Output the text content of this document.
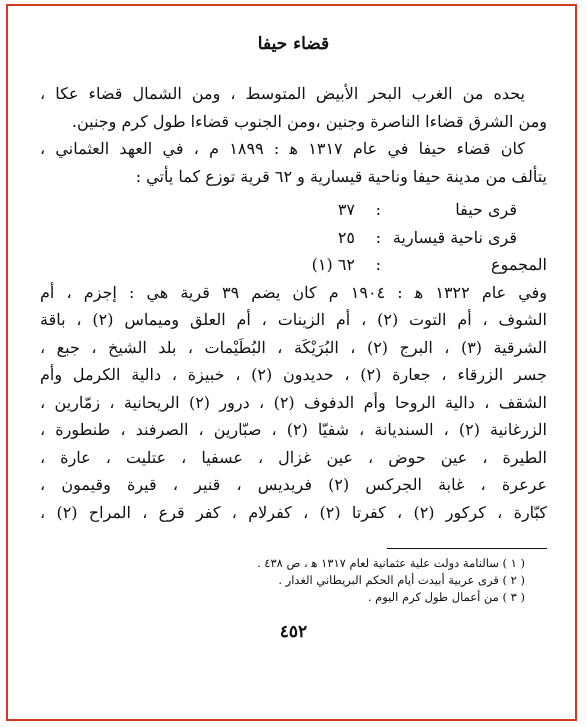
قضاء حيفا
يحده من الغرب البحر الأبيض المتوسط ، ومن الشمال قضاء عكا ،
ومن الشرق قضاءا الناصرة وجنين ،ومن الجنوب قضاءا طول كرم وجنين.
كان قضاء حيفا في عام ١٣١٧ ﻫ : ١٨٩٩ م ، في العهد العثماني ،
يتألف من مدينة حيفا وناحية قيسارية و ٦٢ قرية توزع كما يأتي :
قرى حيفا
:
٣٧
قرى ناحية قيسارية
:
٢٥
المجموع
:
٦٢ (١)
وفي عام ١٣٢٢ ﻫ : ١٩٠٤ م كان يضم ٣٩ قرية هي : إجزم ، أم
الشوف ، أم التوت (٢) ، أم الزينات ، أم العلق وميماس (٢) ، باقة
الشرقية (٣) ، البرج (٢) ، البُرَيْكَة ، البُطَيْمات ، بلد الشيخ ، جبع ،
جسر الزرقاء ، جعارة (٢) ، حديدون (٢) ، خبيزة ، دالية الكرمل وأم
الشقف ، دالية الروحا وأم الدفوف (٢) ، درور (٢) الريحانية ، زمّارين ،
الزرغانية (٢) ، السنديانة ، شفيّا (٢) ، صبّارين ، الصرفند ، طنطورة ،
الطيرة ، عين حوض ، عين غزال ، عسفيا ، عتليت ، عارة ،
عرعرة ، غابة الجركس (٢) فريديس ، قنير ، قيرة وقيمون ،
كبّارة ، كركور (٢) ، كفرتا (٢) ، كفرلام ، كفر قرع ، المراح (٢) ،
( ١ ) سالنامة دولت علية عثمانية لعام ١٣١٧ ﻫ ، ص ٤٣٨ .
( ٢ ) قرى عربية أبيدت أيام الحكم البريطاني الغدار .
( ٣ ) من أعمال طول كرم اليوم .
٤٥٢
